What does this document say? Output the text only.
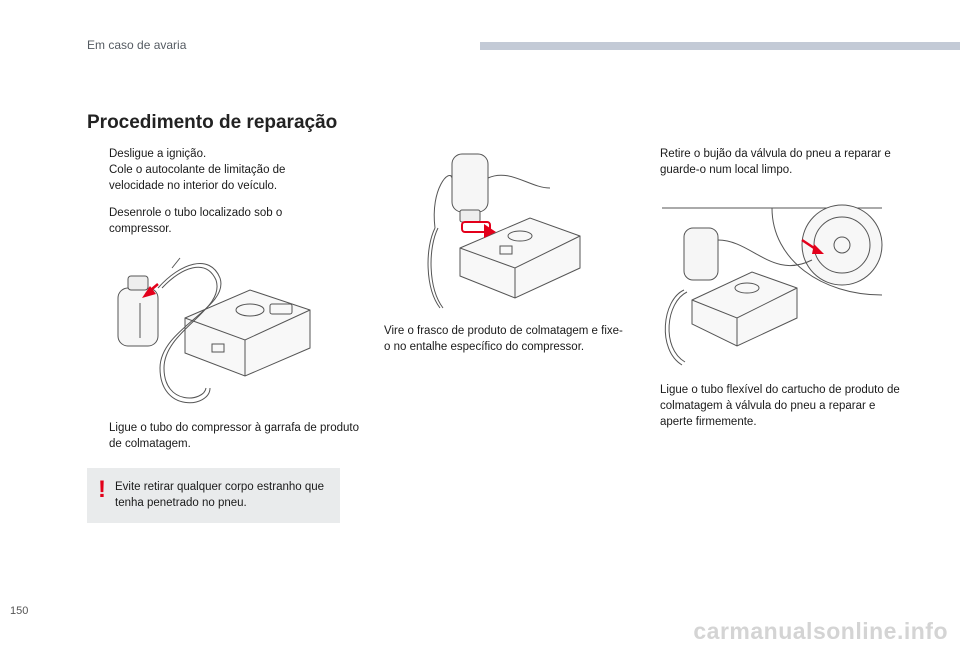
Em caso de avaria
Procedimento de reparação
Desligue a ignição.
Cole o autocolante de limitação de velocidade no interior do veículo.
Desenrole o tubo localizado sob o compressor.
Ligue o tubo do compressor à garrafa de produto de colmatagem.
! Evite retirar qualquer corpo estranho que tenha penetrado no pneu.
Vire o frasco de produto de colmatagem e fixe-o no entalhe específico do compressor.
Retire o bujão da válvula do pneu a reparar e guarde-o num local limpo.
Ligue o tubo flexível do cartucho de produto de colmatagem à válvula do pneu a reparar e aperte firmemente.
150
carmanualsonline.info
